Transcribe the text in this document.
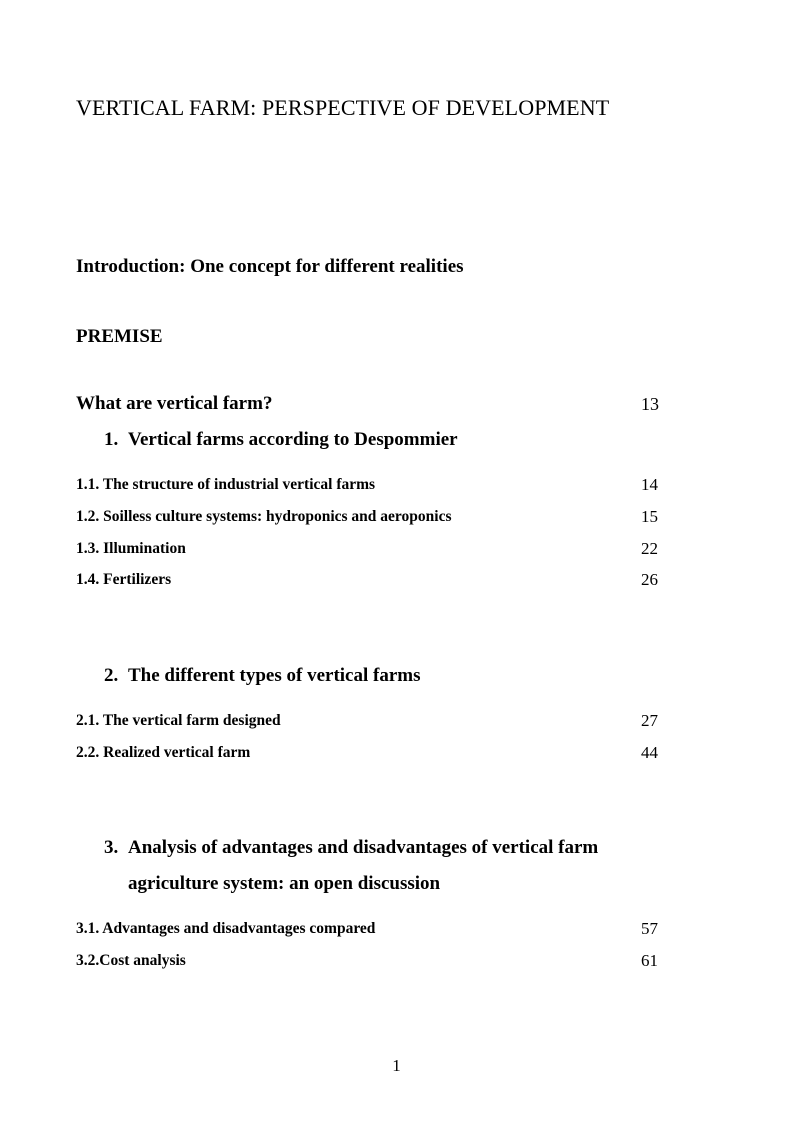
VERTICAL FARM: PERSPECTIVE OF DEVELOPMENT
Introduction: One concept for different realities
PREMISE
What are vertical farm?	13
1. Vertical farms according to Despommier
1.1. The structure of industrial vertical farms	14
1.2. Soilless culture systems: hydroponics and aeroponics	15
1.3. Illumination	22
1.4. Fertilizers	26
2. The different types of vertical farms
2.1. The vertical farm designed	27
2.2. Realized vertical farm	44
3. Analysis of advantages and disadvantages of vertical farm
agriculture system: an open discussion
3.1. Advantages and disadvantages compared	57
3.2.Cost analysis	61
1
